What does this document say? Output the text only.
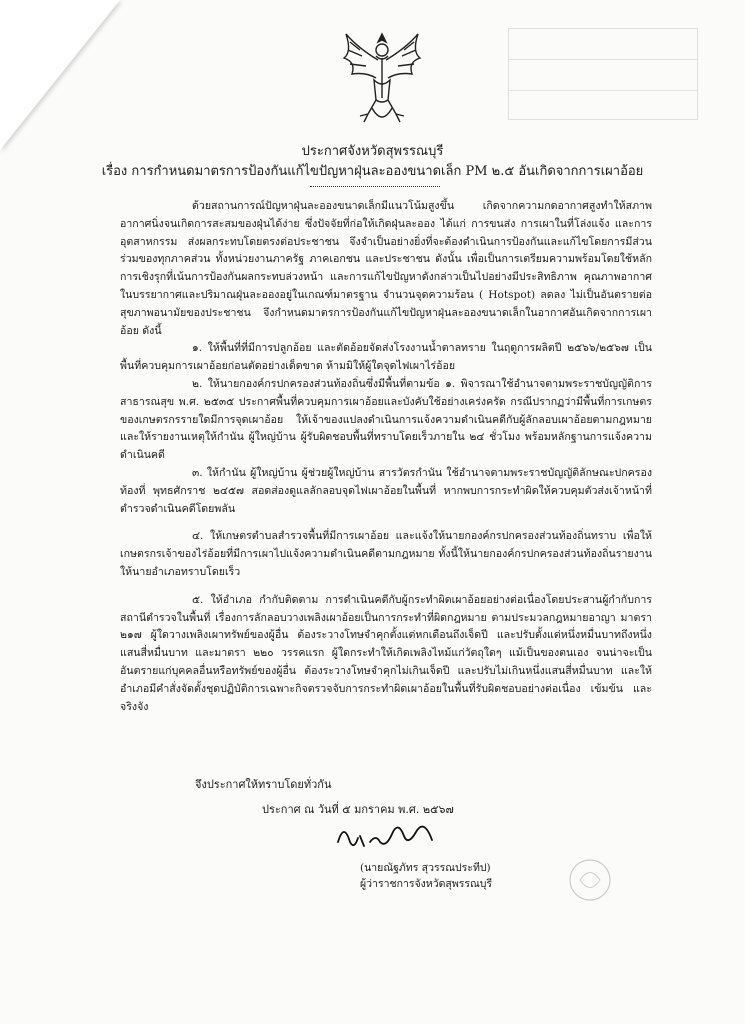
ประกาศจังหวัดสุพรรณบุรี
เรื่อง การกำหนดมาตรการป้องกันแก้ไขปัญหาฝุ่นละอองขนาดเล็ก PM ๒.๕ อันเกิดจากการเผาอ้อย

ด้วยสถานการณ์ปัญหาฝุ่นละอองขนาดเล็กมีแนวโน้มสูงขึ้น เกิดจากความกดอากาศสูงทำให้สภาพอากาศนิ่งจนเกิดการสะสมของฝุ่นได้ง่าย ซึ่งปัจจัยที่ก่อให้เกิดฝุ่นละออง ได้แก่ การขนส่ง การเผาในที่โล่งแจ้ง และการอุตสาหกรรม ส่งผลกระทบโดยตรงต่อประชาชน จึงจำเป็นอย่างยิ่งที่จะต้องดำเนินการป้องกันและแก้ไขโดยการมีส่วนร่วมของทุกภาคส่วน ทั้งหน่วยงานภาครัฐ ภาคเอกชน และประชาชน ดังนั้น เพื่อเป็นการเตรียมความพร้อมโดยใช้หลักการเชิงรุกที่เน้นการป้องกันผลกระทบล่วงหน้า และการแก้ไขปัญหาดังกล่าวเป็นไปอย่างมีประสิทธิภาพ คุณภาพอากาศในบรรยากาศและปริมาณฝุ่นละอองอยู่ในเกณฑ์มาตรฐาน จำนวนจุดความร้อน ( Hotspot) ลดลง ไม่เป็นอันตรายต่อสุขภาพอนามัยของประชาชน จึงกำหนดมาตรการป้องกันแก้ไขปัญหาฝุ่นละอองขนาดเล็กในอากาศอันเกิดจากการเผาอ้อย ดังนี้

๑. ให้พื้นที่ที่มีการปลูกอ้อย และตัดอ้อยจัดส่งโรงงานน้ำตาลทราย ในฤดูการผลิตปี ๒๕๖๖/๒๕๖๗ เป็นพื้นที่ควบคุมการเผาอ้อยก่อนตัดอย่างเด็ดขาด ห้ามมิให้ผู้ใดจุดไฟเผาไร่อ้อย

๒. ให้นายกองค์กรปกครองส่วนท้องถิ่นซึ่งมีพื้นที่ตามข้อ ๑. พิจารณาใช้อำนาจตามพระราชบัญญัติการสาธารณสุข พ.ศ. ๒๕๓๕ ประกาศพื้นที่ควบคุมการเผาอ้อยและบังคับใช้อย่างเคร่งครัด กรณีปรากฏว่ามีพื้นที่การเกษตรของเกษตรกรรายใดมีการจุดเผาอ้อย ให้เจ้าของแปลงดำเนินการแจ้งความดำเนินคดีกับผู้ลักลอบเผาอ้อยตามกฎหมาย และให้รายงานเหตุให้กำนัน ผู้ใหญ่บ้าน ผู้รับผิดชอบพื้นที่ทราบโดยเร็วภายใน ๒๔ ชั่วโมง พร้อมหลักฐานการแจ้งความดำเนินคดี

๓. ให้กำนัน ผู้ใหญ่บ้าน ผู้ช่วยผู้ใหญ่บ้าน สารวัตรกำนัน ใช้อำนาจตามพระราชบัญญัติลักษณะปกครองท้องที่ พุทธศักราช ๒๔๕๗ สอดส่องดูแลลักลอบจุดไฟเผาอ้อยในพื้นที่ หากพบการกระทำผิดให้ควบคุมตัวส่งเจ้าหน้าที่ตำรวจดำเนินคดีโดยพลัน

๔. ให้เกษตรตำบลสำรวจพื้นที่มีการเผาอ้อย และแจ้งให้นายกองค์กรปกครองส่วนท้องถิ่นทราบ เพื่อให้เกษตรกรเจ้าของไร่อ้อยที่มีการเผาไปแจ้งความดำเนินคดีตามกฎหมาย ทั้งนี้ให้นายกองค์กรปกครองส่วนท้องถิ่นรายงานให้นายอำเภอทราบโดยเร็ว

๕. ให้อำเภอ กำกับติดตาม การดำเนินคดีกับผู้กระทำผิดเผาอ้อยอย่างต่อเนื่องโดยประสานผู้กำกับการสถานีตำรวจในพื้นที่ เรื่องการลักลอบวางเพลิงเผาอ้อยเป็นการกระทำที่ผิดกฎหมาย ตามประมวลกฎหมายอาญา มาตรา ๒๑๗ ผู้ใดวางเพลิงเผาทรัพย์ของผู้อื่น ต้องระวางโทษจำคุกตั้งแต่หกเดือนถึงเจ็ดปี และปรับตั้งแต่หนึ่งหมื่นบาทถึงหนึ่งแสนสี่หมื่นบาท และมาตรา ๒๒๐ วรรคแรก ผู้ใดกระทำให้เกิดเพลิงไหม้แก่วัตถุใดๆ แม้เป็นของตนเอง จนน่าจะเป็นอันตรายแก่บุคคลอื่นหรือทรัพย์ของผู้อื่น ต้องระวางโทษจำคุกไม่เกินเจ็ดปี และปรับไม่เกินหนึ่งแสนสี่หมื่นบาท และให้อำเภอมีคำสั่งจัดตั้งชุดปฏิบัติการเฉพาะกิจตรวจจับการกระทำผิดเผาอ้อยในพื้นที่รับผิดชอบอย่างต่อเนื่อง เข้มข้น และจริงจัง

จึงประกาศให้ทราบโดยทั่วกัน
ประกาศ ณ วันที่ ๕ มกราคม พ.ศ. ๒๕๖๗
(นายณัฐภัทร สุวรรณประทีป)
ผู้ว่าราชการจังหวัดสุพรรณบุรี
